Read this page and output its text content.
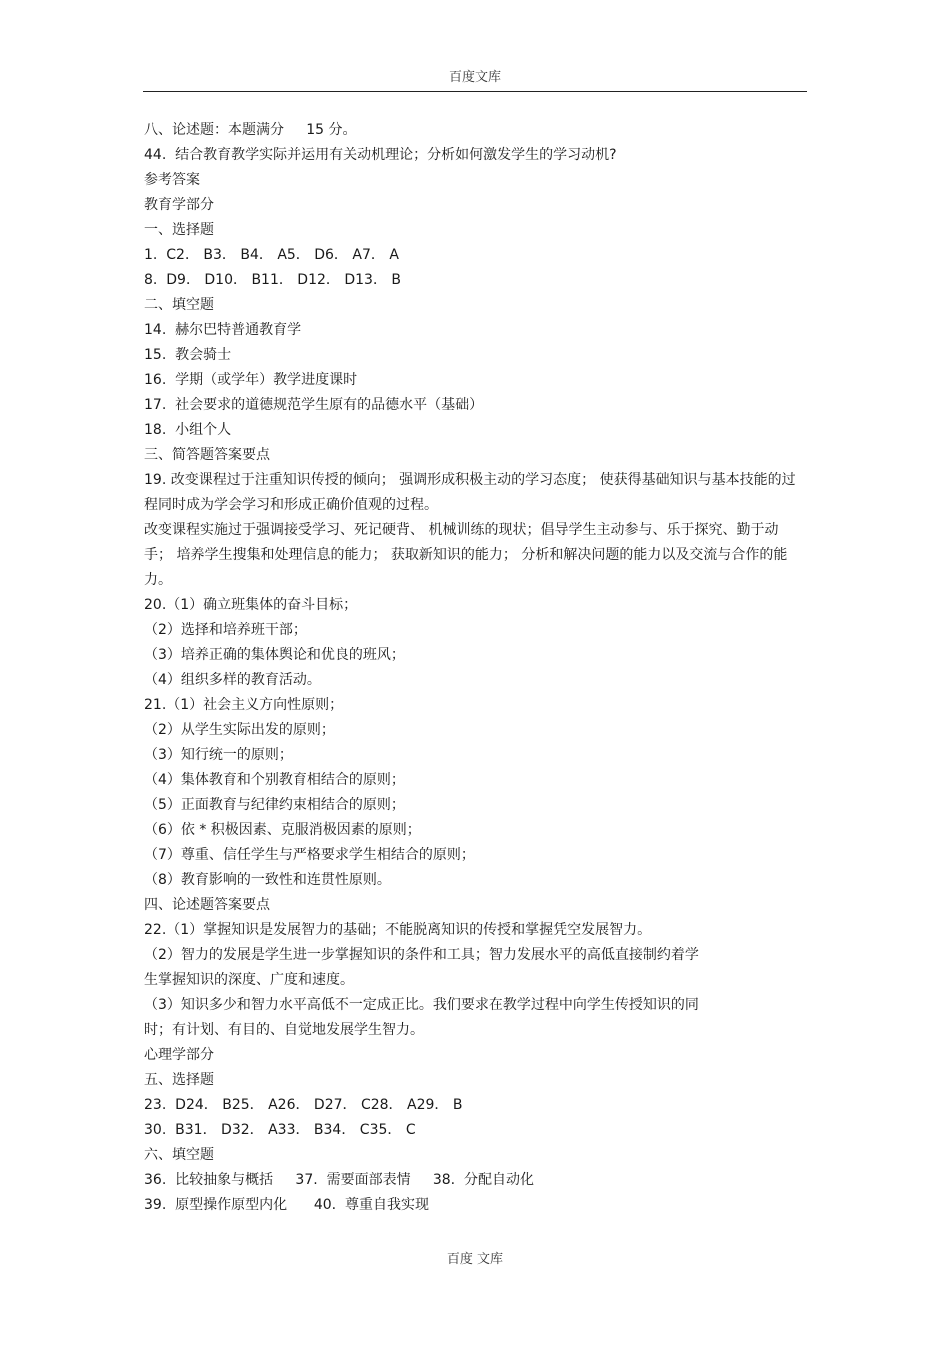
百度文库
八、论述题：本题满分     15 分。
44.  结合教育教学实际并运用有关动机理论；分析如何激发学生的学习动机?
参考答案
教育学部分
一、选择题
1.  C2． B3． B4． A5． D6． A7． A
8.  D9． D10． B11． D12． D13． B
二、填空题
14.  赫尔巴特普通教育学
15.  教会骑士
16.  学期（或学年）教学进度课时
17.  社会要求的道德规范学生原有的品德水平（基础）
18.  小组个人
三、简答题答案要点
19. 改变课程过于注重知识传授的倾向； 强调形成积极主动的学习态度； 使获得基础知识与基本技能的过程同时成为学会学习和形成正确价值观的过程。
改变课程实施过于强调接受学习、死记硬背、 机械训练的现状；倡导学生主动参与、乐于探究、勤于动手； 培养学生搜集和处理信息的能力； 获取新知识的能力； 分析和解决问题的能力以及交流与合作的能力。
20.（1）确立班集体的奋斗目标；
（2）选择和培养班干部；
（3）培养正确的集体舆论和优良的班风；
（4）组织多样的教育活动。
21.（1）社会主义方向性原则；
（2）从学生实际出发的原则；
（3）知行统一的原则；
（4）集体教育和个别教育相结合的原则；
（5）正面教育与纪律约束相结合的原则；
（6）依 * 积极因素、克服消极因素的原则；
（7）尊重、信任学生与严格要求学生相结合的原则；
（8）教育影响的一致性和连贯性原则。
四、论述题答案要点
22.（1）掌握知识是发展智力的基础；不能脱离知识的传授和掌握凭空发展智力。
（2）智力的发展是学生进一步掌握知识的条件和工具；智力发展水平的高低直接制约着学
生掌握知识的深度、广度和速度。
（3）知识多少和智力水平高低不一定成正比。我们要求在教学过程中向学生传授知识的同
时；有计划、有目的、自觉地发展学生智力。
心理学部分
五、选择题
23.  D24． B25． A26． D27． C28． A29． B
30.  B31． D32． A33． B34． C35． C
六、填空题
36.  比较抽象与概括     37.  需要面部表情     38.  分配自动化
39.  原型操作原型内化      40.  尊重自我实现
百度 文库
